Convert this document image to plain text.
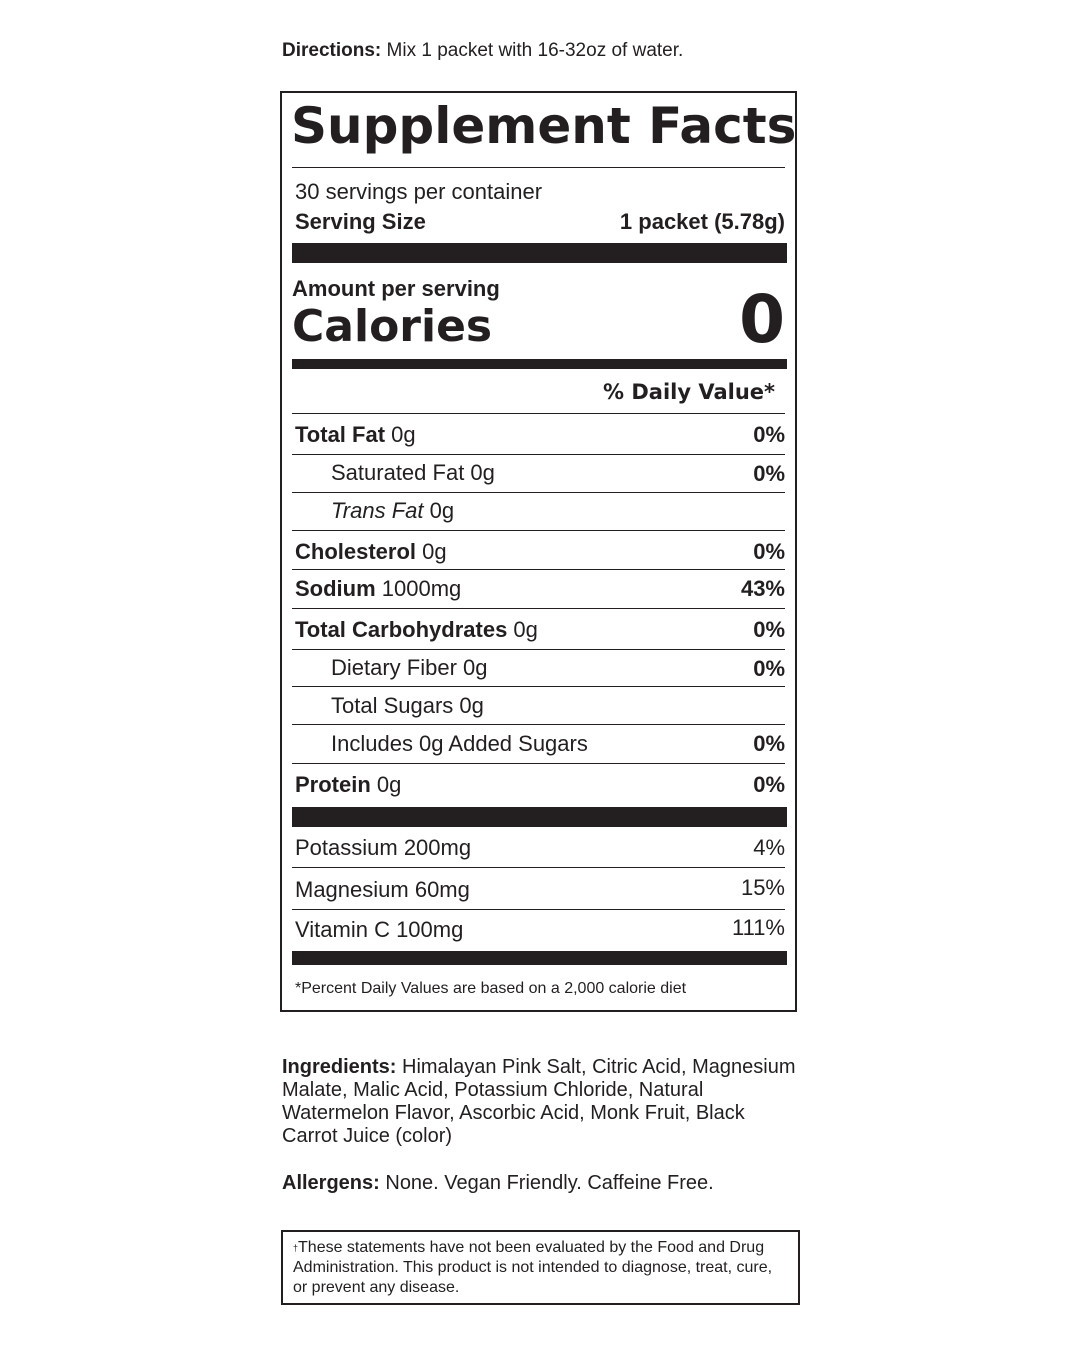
Directions: Mix 1 packet with 16-32oz of water.
Supplement Facts
30 servings per container
Serving Size	1 packet (5.78g)
Amount per serving
Calories	0
% Daily Value*
Total Fat 0g	0%
Saturated Fat 0g	0%
Trans Fat 0g
Cholesterol 0g	0%
Sodium 1000mg	43%
Total Carbohydrates 0g	0%
Dietary Fiber 0g	0%
Total Sugars 0g
Includes 0g Added Sugars	0%
Protein 0g	0%
Potassium 200mg	4%
Magnesium 60mg	15%
Vitamin C 100mg	111%
*Percent Daily Values are based on a 2,000 calorie diet
Ingredients: Himalayan Pink Salt, Citric Acid, Magnesium Malate, Malic Acid, Potassium Chloride, Natural Watermelon Flavor, Ascorbic Acid, Monk Fruit, Black Carrot Juice (color)
Allergens: None. Vegan Friendly. Caffeine Free.
†These statements have not been evaluated by the Food and Drug Administration. This product is not intended to diagnose, treat, cure, or prevent any disease.
